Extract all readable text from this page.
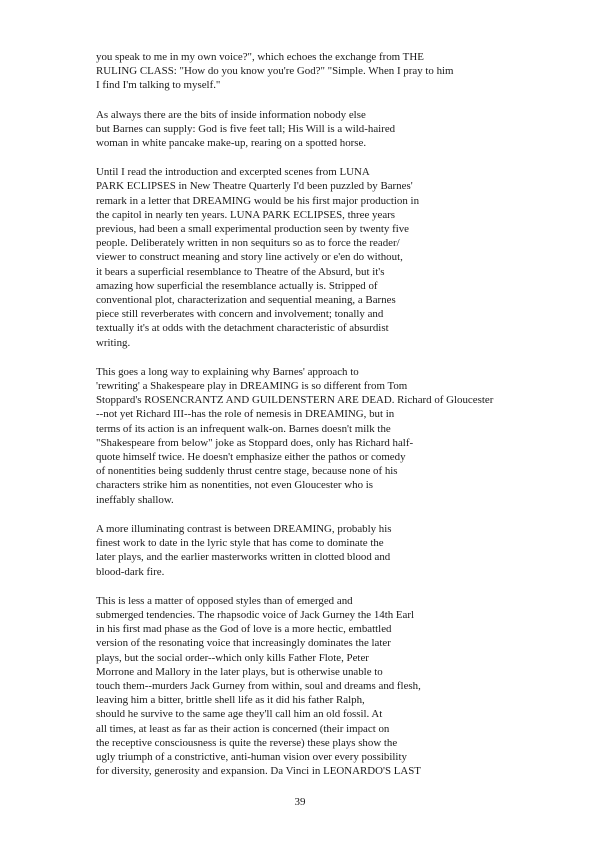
you speak to me in my own voice?", which echoes the exchange from THE
RULING CLASS: "How do you know you're God?" "Simple. When I pray to him
I find I'm talking to myself."

As always there are the bits of inside information nobody else
but Barnes can supply: God is five feet tall; His Will is a wild-haired
woman in white pancake make-up, rearing on a spotted horse.

Until I read the introduction and excerpted scenes from LUNA
PARK ECLIPSES in New Theatre Quarterly I'd been puzzled by Barnes'
remark in a letter that DREAMING would be his first major production in
the capitol in nearly ten years. LUNA PARK ECLIPSES, three years
previous, had been a small experimental production seen by twenty five
people. Deliberately written in non sequiturs so as to force the reader/
viewer to construct meaning and story line actively or e'en do without,
it bears a superficial resemblance to Theatre of the Absurd, but it's
amazing how superficial the resemblance actually is. Stripped of
conventional plot, characterization and sequential meaning, a Barnes
piece still reverberates with concern and involvement; tonally and
textually it's at odds with the detachment characteristic of absurdist
writing.

This goes a long way to explaining why Barnes' approach to
'rewriting' a Shakespeare play in DREAMING is so different from Tom
Stoppard's ROSENCRANTZ AND GUILDENSTERN ARE DEAD. Richard of Gloucester
--not yet Richard III--has the role of nemesis in DREAMING, but in
terms of its action is an infrequent walk-on. Barnes doesn't milk the
"Shakespeare from below" joke as Stoppard does, only has Richard half-
quote himself twice. He doesn't emphasize either the pathos or comedy
of nonentities being suddenly thrust centre stage, because none of his
characters strike him as nonentities, not even Gloucester who is
ineffably shallow.

A more illuminating contrast is between DREAMING, probably his
finest work to date in the lyric style that has come to dominate the
later plays, and the earlier masterworks written in clotted blood and
blood-dark fire.

This is less a matter of opposed styles than of emerged and
submerged tendencies. The rhapsodic voice of Jack Gurney the 14th Earl
in his first mad phase as the God of love is a more hectic, embattled
version of the resonating voice that increasingly dominates the later
plays, but the social order--which only kills Father Flote, Peter
Morrone and Mallory in the later plays, but is otherwise unable to
touch them--murders Jack Gurney from within, soul and dreams and flesh,
leaving him a bitter, brittle shell life as it did his father Ralph,
should he survive to the same age they'll call him an old fossil. At
all times, at least as far as their action is concerned (their impact on
the receptive consciousness is quite the reverse) these plays show the
ugly triumph of a constrictive, anti-human vision over every possibility
for diversity, generosity and expansion. Da Vinci in LEONARDO'S LAST

39
